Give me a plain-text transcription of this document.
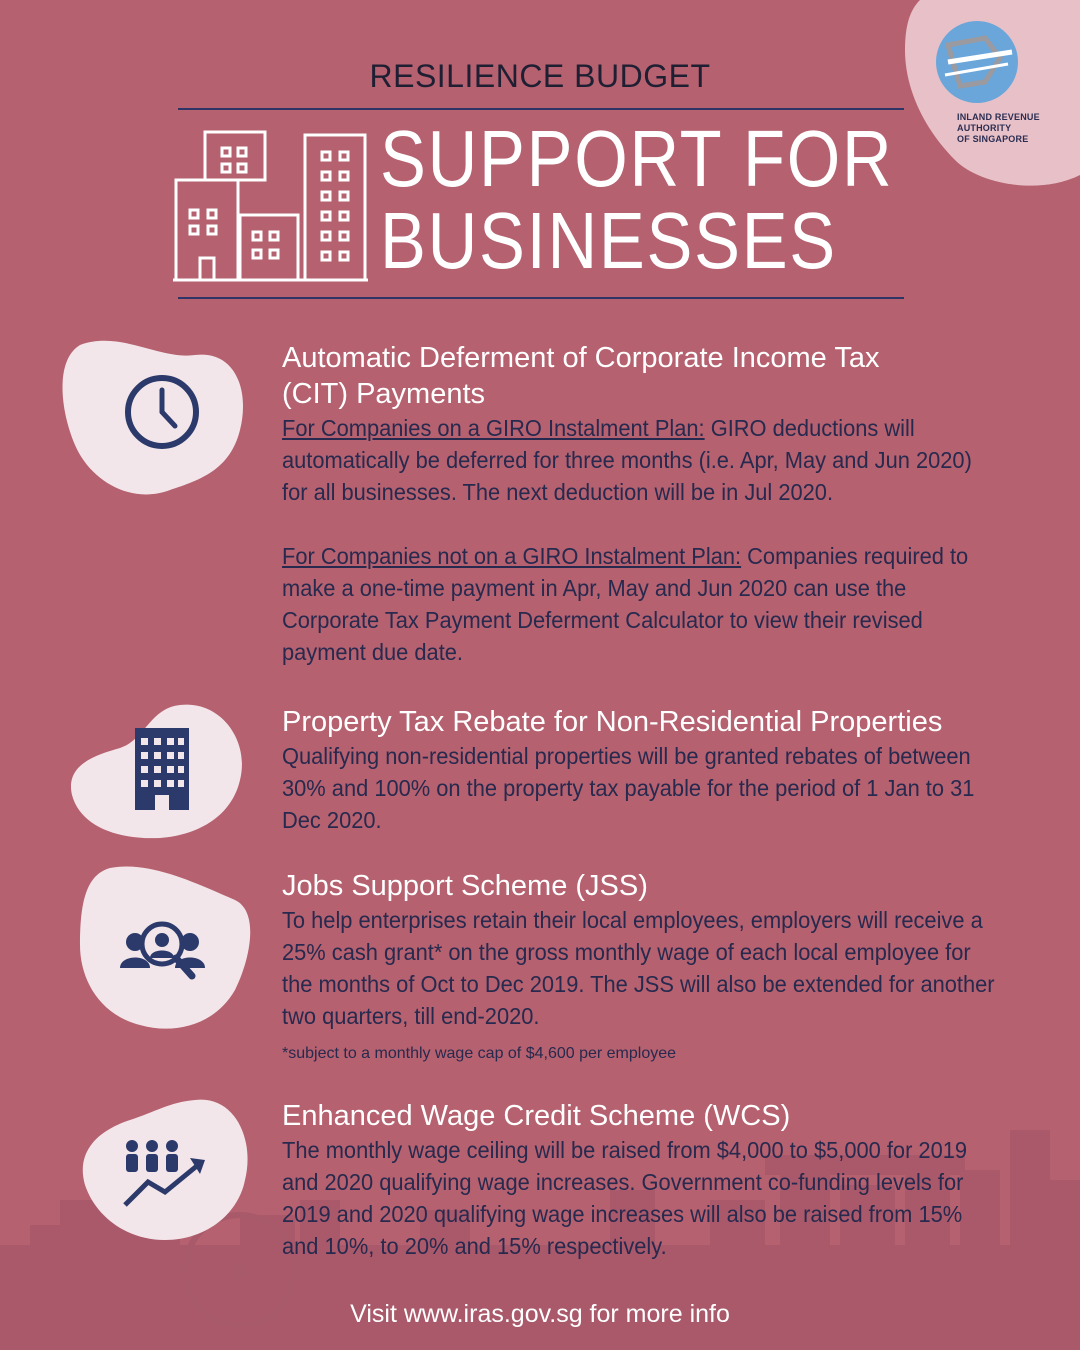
INLAND REVENUE
AUTHORITY
OF SINGAPORE
RESILIENCE BUDGET
SUPPORT FOR
BUSINESSES
Automatic Deferment of Corporate Income Tax
(CIT) Payments

For Companies on a GIRO Instalment Plan: GIRO deductions will automatically be deferred for three months (i.e. Apr, May and Jun 2020) for all businesses. The next deduction will be in Jul 2020.

For Companies not on a GIRO Instalment Plan: Companies required to make a one-time payment in Apr, May and Jun 2020 can use the Corporate Tax Payment Deferment Calculator to view their revised payment due date.

Property Tax Rebate for Non-Residential Properties
Qualifying non-residential properties will be granted rebates of between 30% and 100% on the property tax payable for the period of 1 Jan to 31 Dec 2020.
Jobs Support Scheme (JSS)
To help enterprises retain their local employees, employers will receive a 25% cash grant* on the gross monthly wage of each local employee for the months of Oct to Dec 2019. The JSS will also be extended for another two quarters, till end-2020.
*subject to a monthly wage cap of $4,600 per employee
Enhanced Wage Credit Scheme (WCS)
The monthly wage ceiling will be raised from $4,000 to $5,000 for 2019 and 2020 qualifying wage increases. Government co-funding levels for 2019 and 2020 qualifying wage increases will also be raised from 15% and 10%, to 20% and 15% respectively.
Visit www.iras.gov.sg for more info
